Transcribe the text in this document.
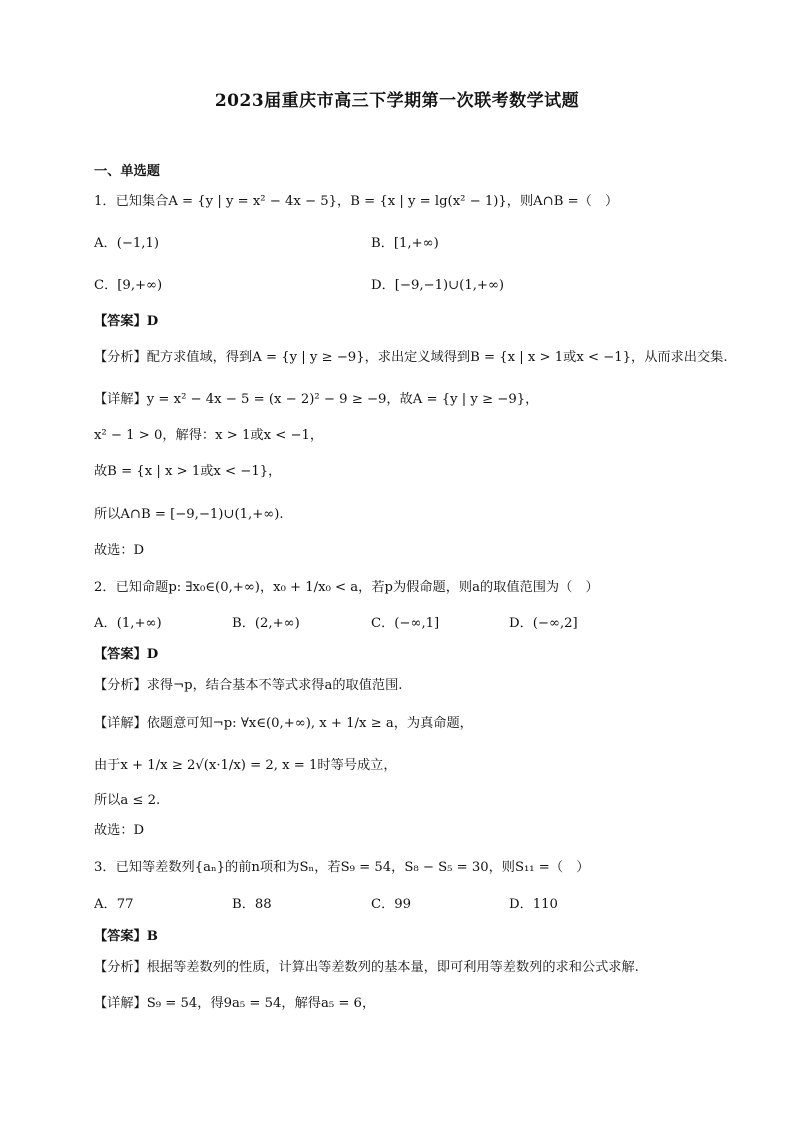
2023届重庆市高三下学期第一次联考数学试题
一、单选题
1．已知集合A = {y | y = x² − 4x − 5}，B = {x | y = lg(x² − 1)}，则A∩B =（　）
A．(−1,1)	B．[1,+∞)
C．[9,+∞)	D．[−9,−1)∪(1,+∞)
【答案】D
【分析】配方求值域，得到A = {y | y ≥ −9}，求出定义域得到B = {x | x > 1或x < −1}，从而求出交集.
【详解】y = x² − 4x − 5 = (x − 2)² − 9 ≥ −9，故A = {y | y ≥ −9}，
x² − 1 > 0，解得：x > 1或x < −1，
故B = {x | x > 1或x < −1}，
所以A∩B = [−9,−1)∪(1,+∞).
故选：D
2．已知命题p: ∃x₀∈(0,+∞)，x₀ + 1/x₀ < a，若p为假命题，则a的取值范围为（　）
A．(1,+∞)	B．(2,+∞)	C．(−∞,1]	D．(−∞,2]
【答案】D
【分析】求得¬p，结合基本不等式求得a的取值范围.
【详解】依题意可知¬p: ∀x∈(0,+∞), x + 1/x ≥ a，为真命题，
由于x + 1/x ≥ 2√(x·1/x) = 2, x = 1时等号成立，
所以a ≤ 2.
故选：D
3．已知等差数列{aₙ}的前n项和为Sₙ，若S₉ = 54，S₈ − S₅ = 30，则S₁₁ =（　）
A．77	B．88	C．99	D．110
【答案】B
【分析】根据等差数列的性质，计算出等差数列的基本量，即可利用等差数列的求和公式求解.
【详解】S₉ = 54，得9a₅ = 54，解得a₅ = 6，
